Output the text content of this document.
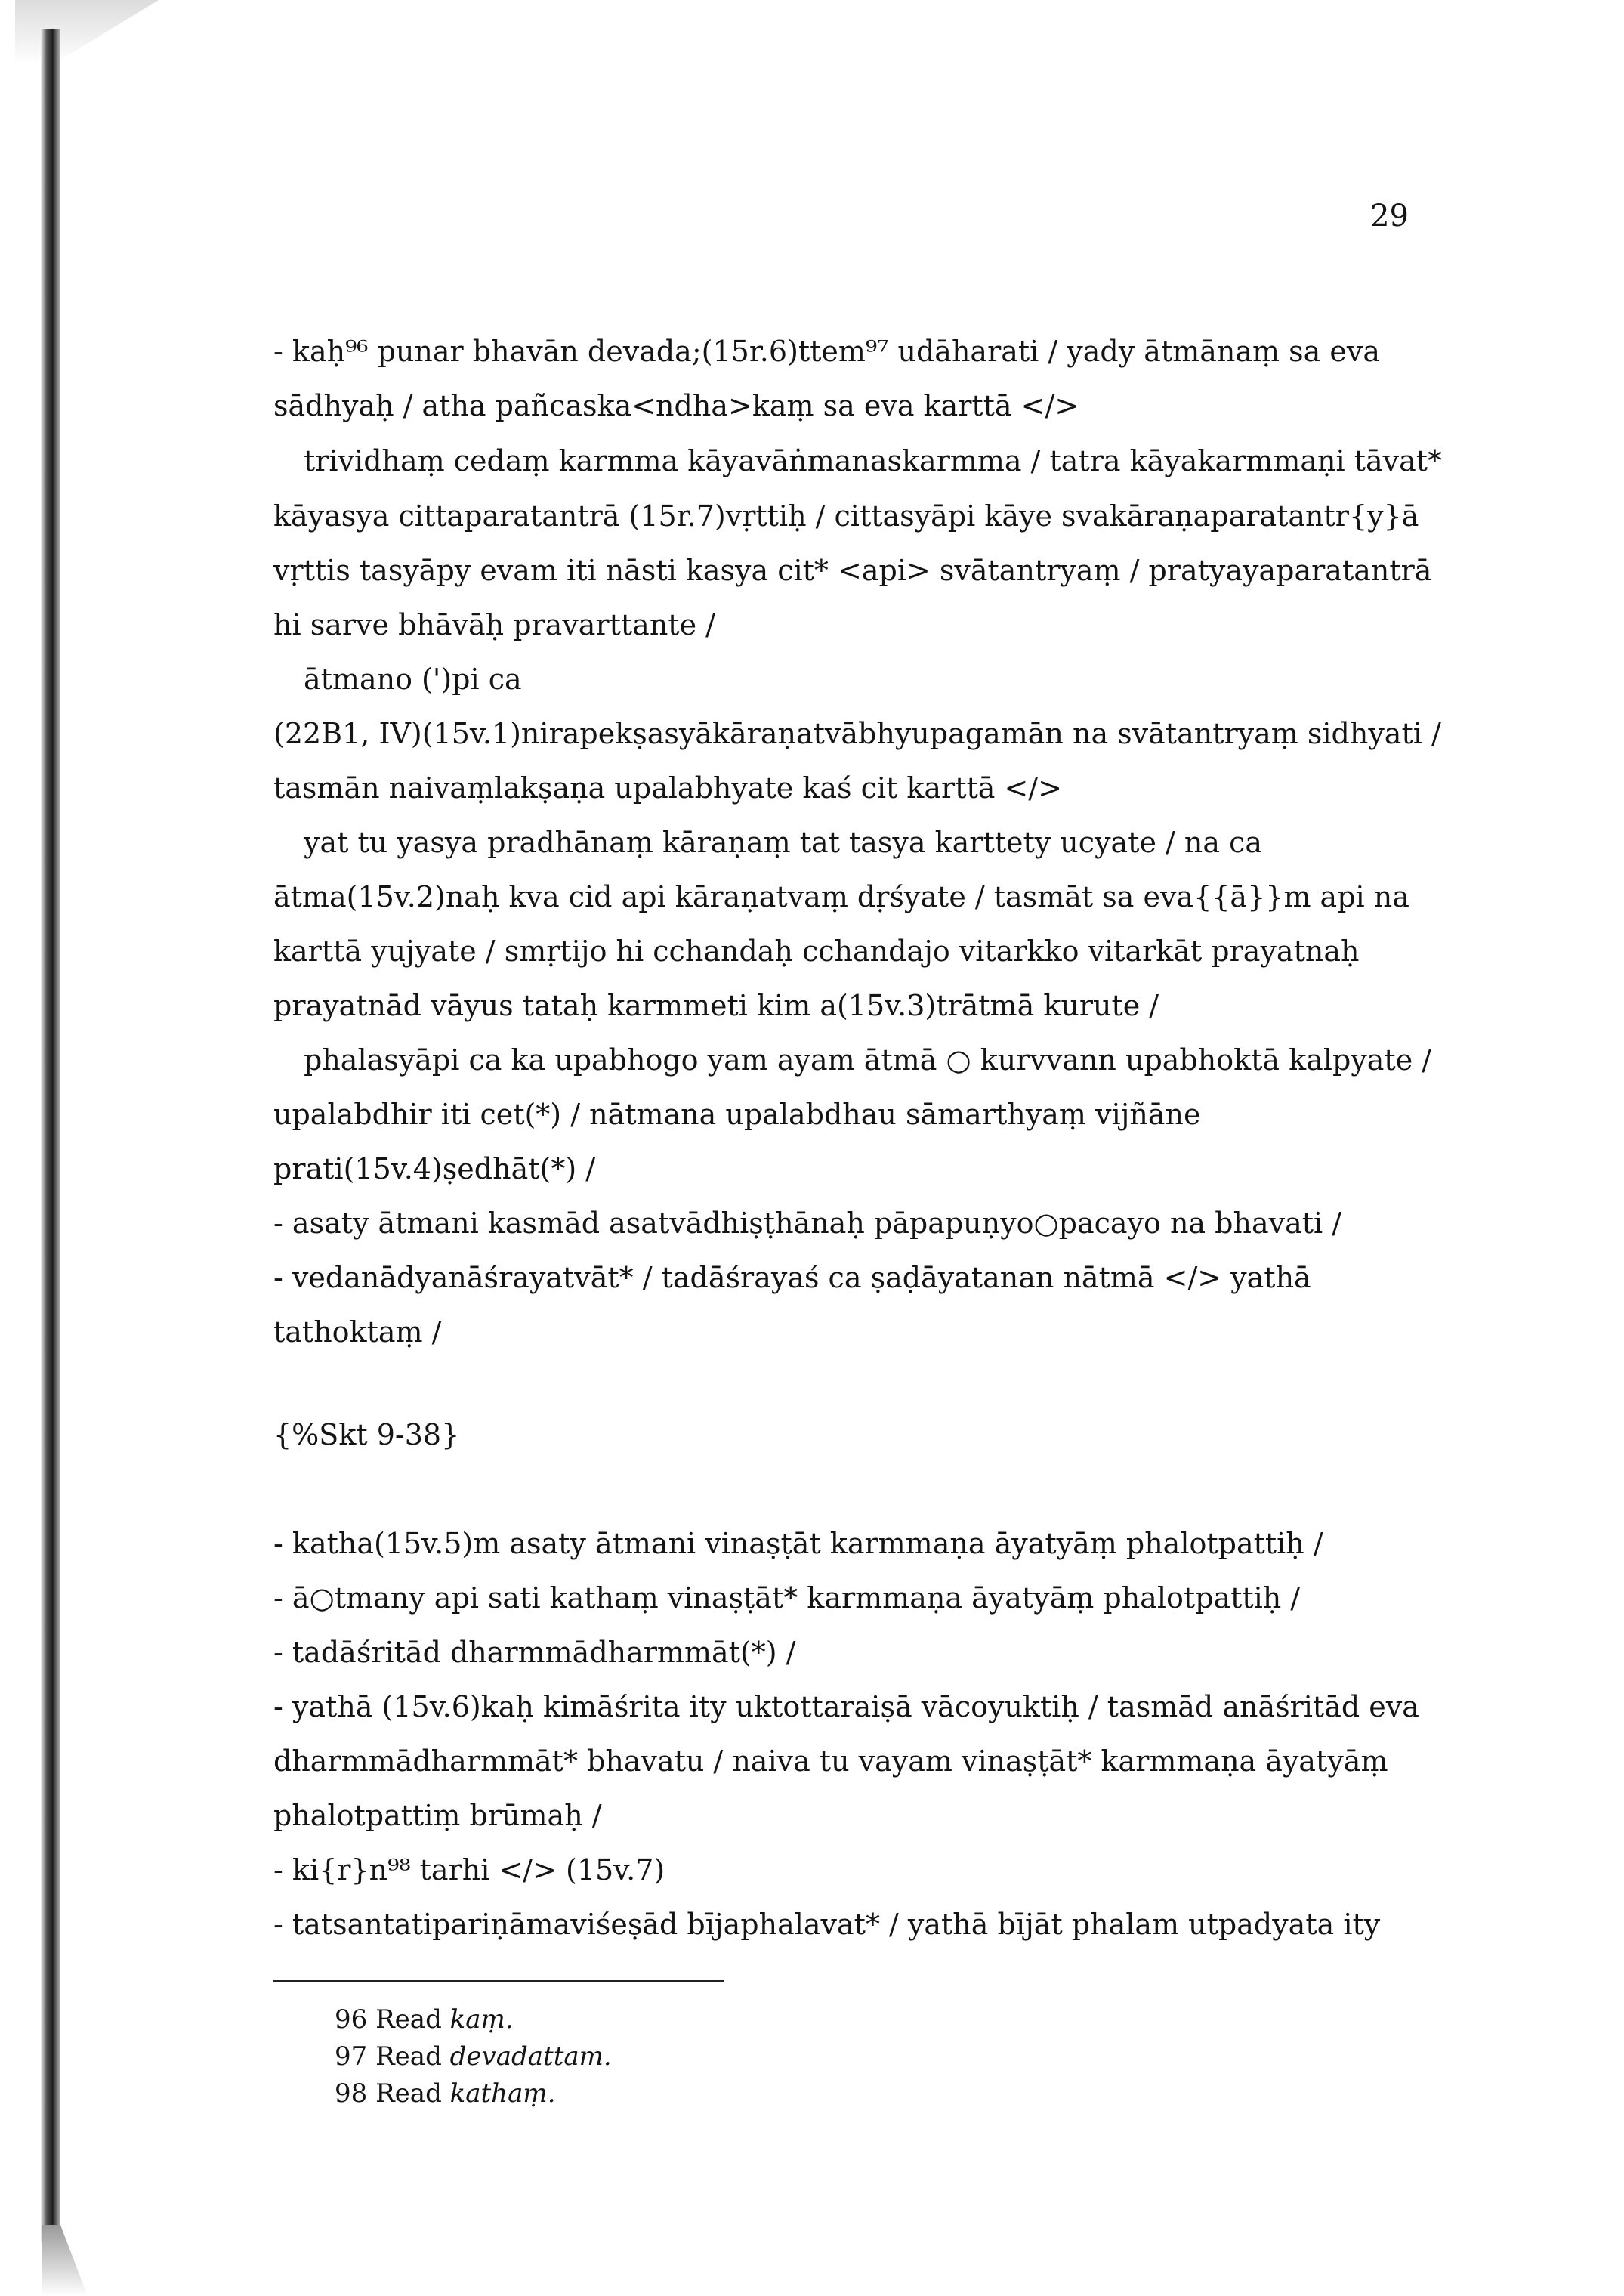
29
- kaḥ⁹⁶ punar bhavān devada;(15r.6)ttem⁹⁷ udāharati / yady ātmānaṃ sa eva
sādhyaḥ / atha pañcaska<ndha>kaṃ sa eva karttā </>
trividhaṃ cedaṃ karmma kāyavāṅmanaskarmma / tatra kāyakarmmaṇi tāvat*
kāyasya cittaparatantrā (15r.7)vṛttiḥ / cittasyāpi kāye svakāraṇaparatantr{y}ā
vṛttis tasyāpy evam iti nāsti kasya cit* <api> svātantryaṃ / pratyayaparatantrā
hi sarve bhāvāḥ pravarttante /
ātmano (')pi ca
(22B1, IV)(15v.1)nirapekṣasyākāraṇatvābhyupagamān na svātantryaṃ sidhyati /
tasmān naivaṃlakṣaṇa upalabhyate kaś cit karttā </>
yat tu yasya pradhānaṃ kāraṇaṃ tat tasya karttety ucyate / na ca
ātma(15v.2)naḥ kva cid api kāraṇatvaṃ dṛśyate / tasmāt sa eva{{ā}}m api na
karttā yujyate / smṛtijo hi cchandaḥ cchandajo vitarkko vitarkāt prayatnaḥ
prayatnād vāyus tataḥ karmmeti kim a(15v.3)trātmā kurute /
phalasyāpi ca ka upabhogo yam ayam ātmā ○ kurvvann upabhoktā kalpyate /
upalabdhir iti cet(*) / nātmana upalabdhau sāmarthyaṃ vijñāne
prati(15v.4)ṣedhāt(*) /
- asaty ātmani kasmād asatvādhiṣṭhānaḥ pāpapuṇyo○pacayo na bhavati /
- vedanādyanāśrayatvāt* / tadāśrayaś ca ṣaḍāyatanan nātmā </> yathā
tathoktaṃ /
{%Skt 9-38}
- katha(15v.5)m asaty ātmani vinaṣṭāt karmmaṇa āyatyāṃ phalotpattiḥ /
- ā○tmany api sati kathaṃ vinaṣṭāt* karmmaṇa āyatyāṃ phalotpattiḥ /
- tadāśritād dharmmādharmmāt(*) /
- yathā (15v.6)kaḥ kimāśrita ity uktottaraiṣā vācoyuktiḥ / tasmād anāśritād eva
dharmmādharmmāt* bhavatu / naiva tu vayam vinaṣṭāt* karmmaṇa āyatyāṃ
phalotpattiṃ brūmaḥ /
- ki{r}n⁹⁸ tarhi </> (15v.7)
- tatsantatipariṇāmaviśeṣād bījaphalavat* / yathā bījāt phalam utpadyata ity
96 Read kaṃ.
97 Read devadattam.
98 Read kathaṃ.
